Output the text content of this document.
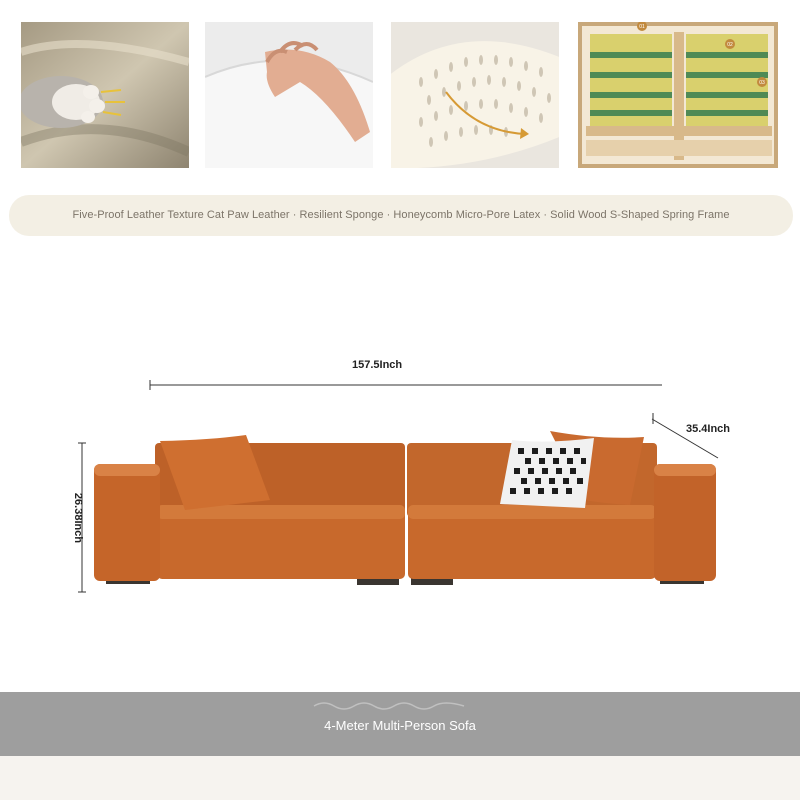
01
02
03
Five-Proof Leather Texture Cat Paw Leather · Resilient Sponge · Honeycomb Micro-Pore Latex · Solid Wood S-Shaped Spring Frame
157.5Inch
35.4Inch
26.38Inch
4-Meter Multi-Person Sofa
